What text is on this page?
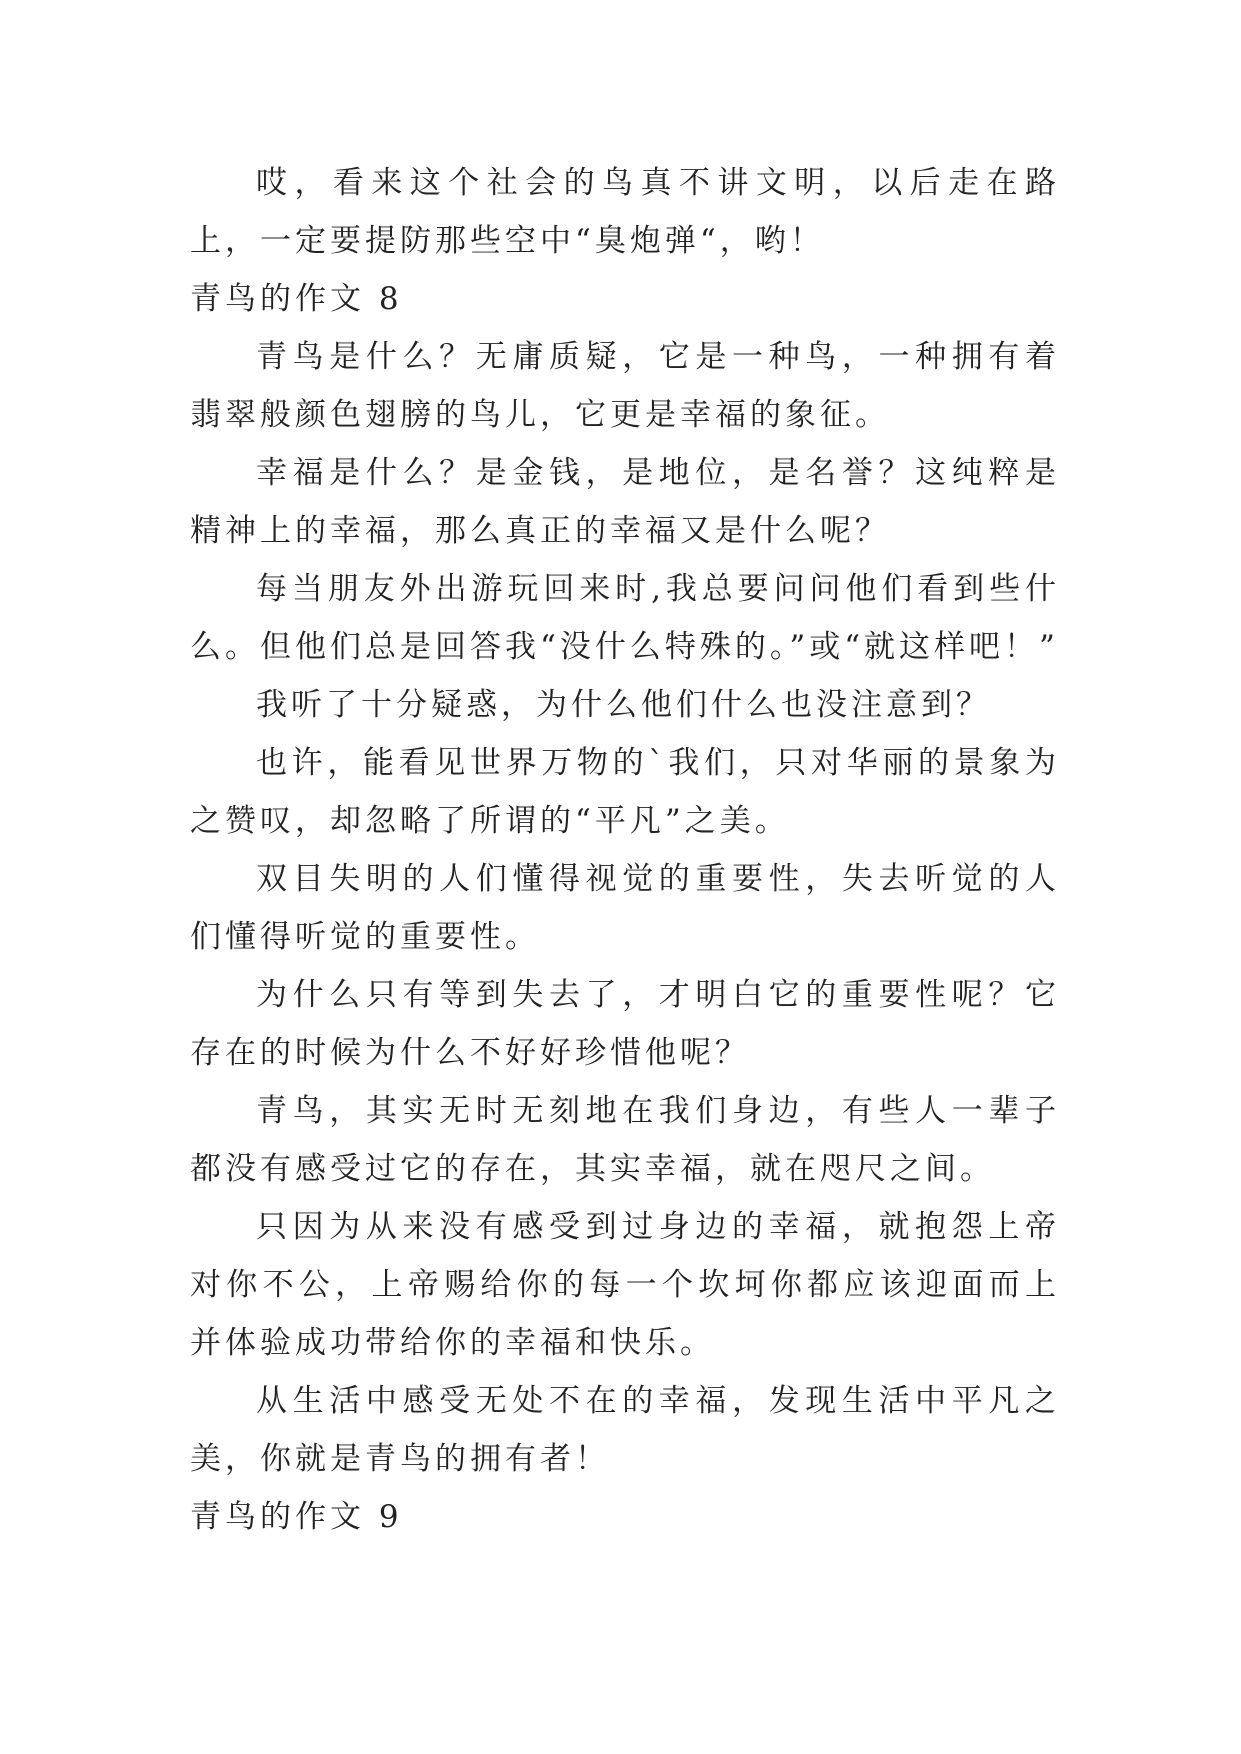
哎，看来这个社会的鸟真不讲文明，以后走在路上，一定要提防那些空中“臭炮弹“，哟！

青鸟的作文 8

青鸟是什么？无庸质疑，它是一种鸟，一种拥有着翡翠般颜色翅膀的鸟儿，它更是幸福的象征。

幸福是什么？是金钱，是地位，是名誉？这纯粹是精神上的幸福，那么真正的幸福又是什么呢？

每当朋友外出游玩回来时,我总要问问他们看到些什么。但他们总是回答我“没什么特殊的。”或“就这样吧！”

我听了十分疑惑，为什么他们什么也没注意到？

也许，能看见世界万物的`我们，只对华丽的景象为之赞叹，却忽略了所谓的“平凡”之美。

双目失明的人们懂得视觉的重要性，失去听觉的人们懂得听觉的重要性。

为什么只有等到失去了，才明白它的重要性呢？它存在的时候为什么不好好珍惜他呢？

青鸟，其实无时无刻地在我们身边，有些人一辈子都没有感受过它的存在，其实幸福，就在咫尺之间。

只因为从来没有感受到过身边的幸福，就抱怨上帝对你不公，上帝赐给你的每一个坎坷你都应该迎面而上并体验成功带给你的幸福和快乐。

从生活中感受无处不在的幸福，发现生活中平凡之美，你就是青鸟的拥有者！

青鸟的作文 9
